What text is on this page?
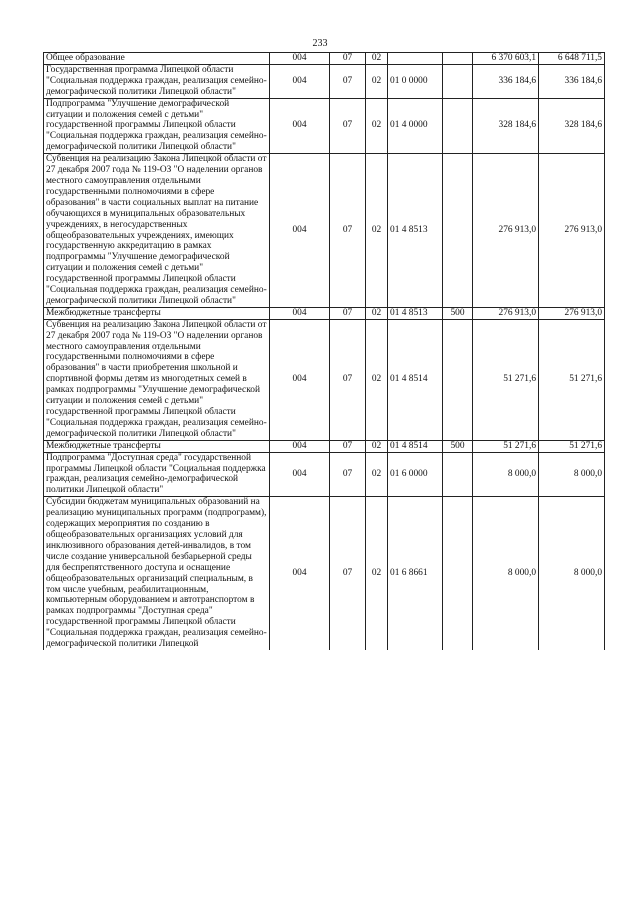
233
Общее образование	004	07	02			6 370 603,1	6 648 711,5
Государственная программа Липецкой области "Социальная поддержка граждан, реализация семейно-демографической политики Липецкой области"	004	07	02	01 0 0000		336 184,6	336 184,6
Подпрограмма "Улучшение демографической ситуации и положения семей с детьми" государственной программы Липецкой области "Социальная поддержка граждан, реализация семейно-демографической политики Липецкой области"	004	07	02	01 4 0000		328 184,6	328 184,6
Субвенция на реализацию Закона Липецкой области от 27 декабря 2007 года № 119-ОЗ "О наделении органов местного самоуправления отдельными государственными полномочиями в сфере образования" в части социальных выплат на питание обучающихся в муниципальных образовательных учреждениях, в негосударственных общеобразовательных учреждениях, имеющих государственную аккредитацию в рамках подпрограммы "Улучшение демографической ситуации и положения семей с детьми" государственной программы Липецкой области "Социальная поддержка граждан, реализация семейно-демографической политики Липецкой области"	004	07	02	01 4 8513		276 913,0	276 913,0
Межбюджетные трансферты	004	07	02	01 4 8513	500	276 913,0	276 913,0
Субвенция на реализацию Закона Липецкой области от 27 декабря 2007 года № 119-ОЗ "О наделении органов местного самоуправления отдельными государственными полномочиями в сфере образования" в части приобретения школьной и спортивной формы детям из многодетных семей в рамках подпрограммы "Улучшение демографической ситуации и положения семей с детьми" государственной программы Липецкой области "Социальная поддержка граждан, реализация семейно-демографической политики Липецкой области"	004	07	02	01 4 8514		51 271,6	51 271,6
Межбюджетные трансферты	004	07	02	01 4 8514	500	51 271,6	51 271,6
Подпрограмма "Доступная среда" государственной программы Липецкой области "Социальная поддержка граждан, реализация семейно-демографической политики Липецкой области"	004	07	02	01 6 0000		8 000,0	8 000,0
Субсидии бюджетам муниципальных образований на реализацию муниципальных программ (подпрограмм), содержащих мероприятия по созданию в общеобразовательных организациях условий для инклюзивного образования детей-инвалидов, в том числе создание универсальной безбарьерной среды для беспрепятственного доступа и оснащение общеобразовательных организаций специальным, в том числе учебным, реабилитационным, компьютерным оборудованием и автотранспортом в рамках подпрограммы "Доступная среда" государственной программы Липецкой области "Социальная поддержка граждан, реализация семейно-демографической политики Липецкой	004	07	02	01 6 8661		8 000,0	8 000,0
